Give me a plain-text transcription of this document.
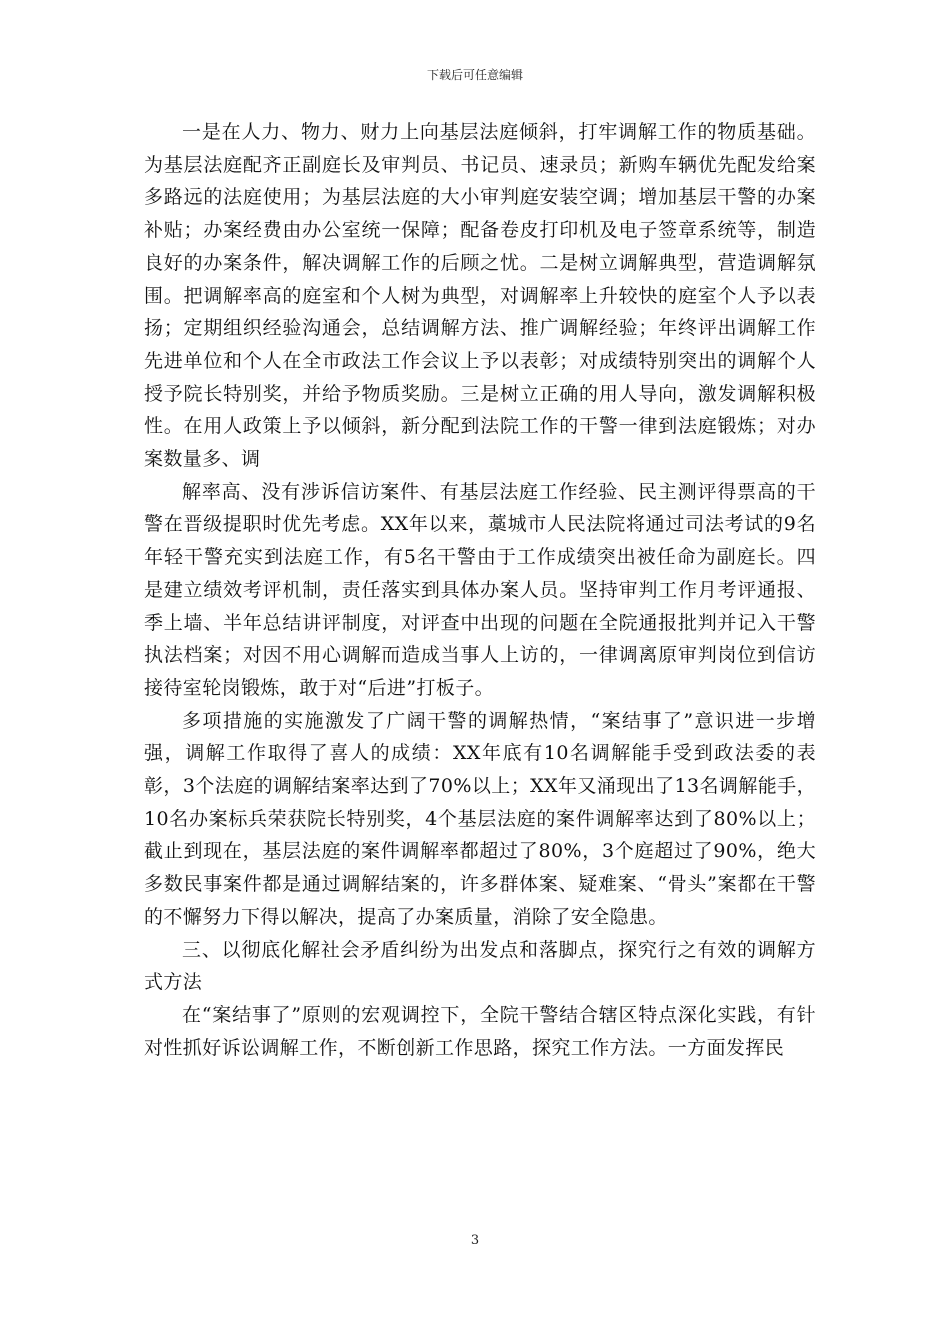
下载后可任意编辑

一是在人力、物力、财力上向基层法庭倾斜，打牢调解工作的物质基础。为基层法庭配齐正副庭长及审判员、书记员、速录员；新购车辆优先配发给案多路远的法庭使用；为基层法庭的大小审判庭安装空调；增加基层干警的办案补贴；办案经费由办公室统一保障；配备卷皮打印机及电子签章系统等，制造良好的办案条件，解决调解工作的后顾之忧。二是树立调解典型，营造调解氛围。把调解率高的庭室和个人树为典型，对调解率上升较快的庭室个人予以表扬；定期组织经验沟通会，总结调解方法、推广调解经验；年终评出调解工作先进单位和个人在全市政法工作会议上予以表彰；对成绩特别突出的调解个人授予院长特别奖，并给予物质奖励。三是树立正确的用人导向，激发调解积极性。在用人政策上予以倾斜，新分配到法院工作的干警一律到法庭锻炼；对办案数量多、调

解率高、没有涉诉信访案件、有基层法庭工作经验、民主测评得票高的干警在晋级提职时优先考虑。XX年以来，藁城市人民法院将通过司法考试的9名年轻干警充实到法庭工作，有5名干警由于工作成绩突出被任命为副庭长。四是建立绩效考评机制，责任落实到具体办案人员。坚持审判工作月考评通报、季上墙、半年总结讲评制度，对评查中出现的问题在全院通报批判并记入干警执法档案；对因不用心调解而造成当事人上访的，一律调离原审判岗位到信访接待室轮岗锻炼，敢于对“后进”打板子。

多项措施的实施激发了广阔干警的调解热情，“案结事了”意识进一步增强，调解工作取得了喜人的成绩：XX年底有10名调解能手受到政法委的表彰，3个法庭的调解结案率达到了70%以上；XX年又涌现出了13名调解能手，10名办案标兵荣获院长特别奖，4个基层法庭的案件调解率达到了80%以上；截止到现在，基层法庭的案件调解率都超过了80%，3个庭超过了90%，绝大多数民事案件都是通过调解结案的，许多群体案、疑难案、“骨头”案都在干警的不懈努力下得以解决，提高了办案质量，消除了安全隐患。

三、以彻底化解社会矛盾纠纷为出发点和落脚点，探究行之有效的调解方式方法

在“案结事了”原则的宏观调控下，全院干警结合辖区特点深化实践，有针对性抓好诉讼调解工作，不断创新工作思路，探究工作方法。一方面发挥民

3
